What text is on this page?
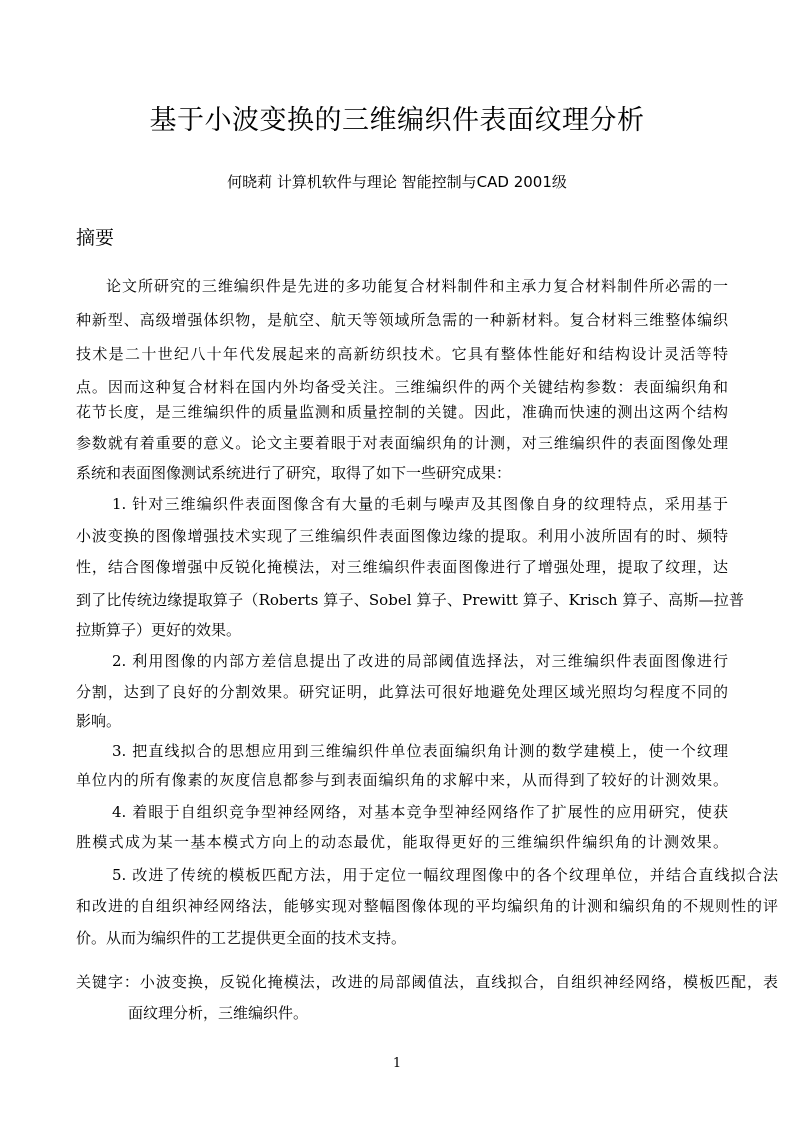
基于小波变换的三维编织件表面纹理分析
何晓莉 计算机软件与理论 智能控制与CAD 2001级
摘要
论文所研究的三维编织件是先进的多功能复合材料制件和主承力复合材料制件所必需的一
种新型、高级增强体织物，是航空、航天等领域所急需的一种新材料。复合材料三维整体编织
技术是二十世纪八十年代发展起来的高新纺织技术。它具有整体性能好和结构设计灵活等特
点。因而这种复合材料在国内外均备受关注。三维编织件的两个关键结构参数：表面编织角和
花节长度，是三维编织件的质量监测和质量控制的关键。因此，准确而快速的测出这两个结构
参数就有着重要的意义。论文主要着眼于对表面编织角的计测，对三维编织件的表面图像处理
系统和表面图像测试系统进行了研究，取得了如下一些研究成果：
1. 针对三维编织件表面图像含有大量的毛刺与噪声及其图像自身的纹理特点，采用基于
小波变换的图像增强技术实现了三维编织件表面图像边缘的提取。利用小波所固有的时、频特
性，结合图像增强中反锐化掩模法，对三维编织件表面图像进行了增强处理，提取了纹理，达
到了比传统边缘提取算子（Roberts 算子、Sobel 算子、Prewitt 算子、Krisch 算子、高斯—拉普
拉斯算子）更好的效果。
2. 利用图像的内部方差信息提出了改进的局部阈值选择法，对三维编织件表面图像进行
分割，达到了良好的分割效果。研究证明，此算法可很好地避免处理区域光照均匀程度不同的
影响。
3. 把直线拟合的思想应用到三维编织件单位表面编织角计测的数学建模上，使一个纹理
单位内的所有像素的灰度信息都参与到表面编织角的求解中来，从而得到了较好的计测效果。
4. 着眼于自组织竞争型神经网络，对基本竞争型神经网络作了扩展性的应用研究，使获
胜模式成为某一基本模式方向上的动态最优，能取得更好的三维编织件编织角的计测效果。
5. 改进了传统的模板匹配方法，用于定位一幅纹理图像中的各个纹理单位，并结合直线拟合法
和改进的自组织神经网络法，能够实现对整幅图像体现的平均编织角的计测和编织角的不规则性的评
价。从而为编织件的工艺提供更全面的技术支持。
关键字：小波变换，反锐化掩模法，改进的局部阈值法，直线拟合，自组织神经网络，模板匹配，表
面纹理分析，三维编织件。
1
